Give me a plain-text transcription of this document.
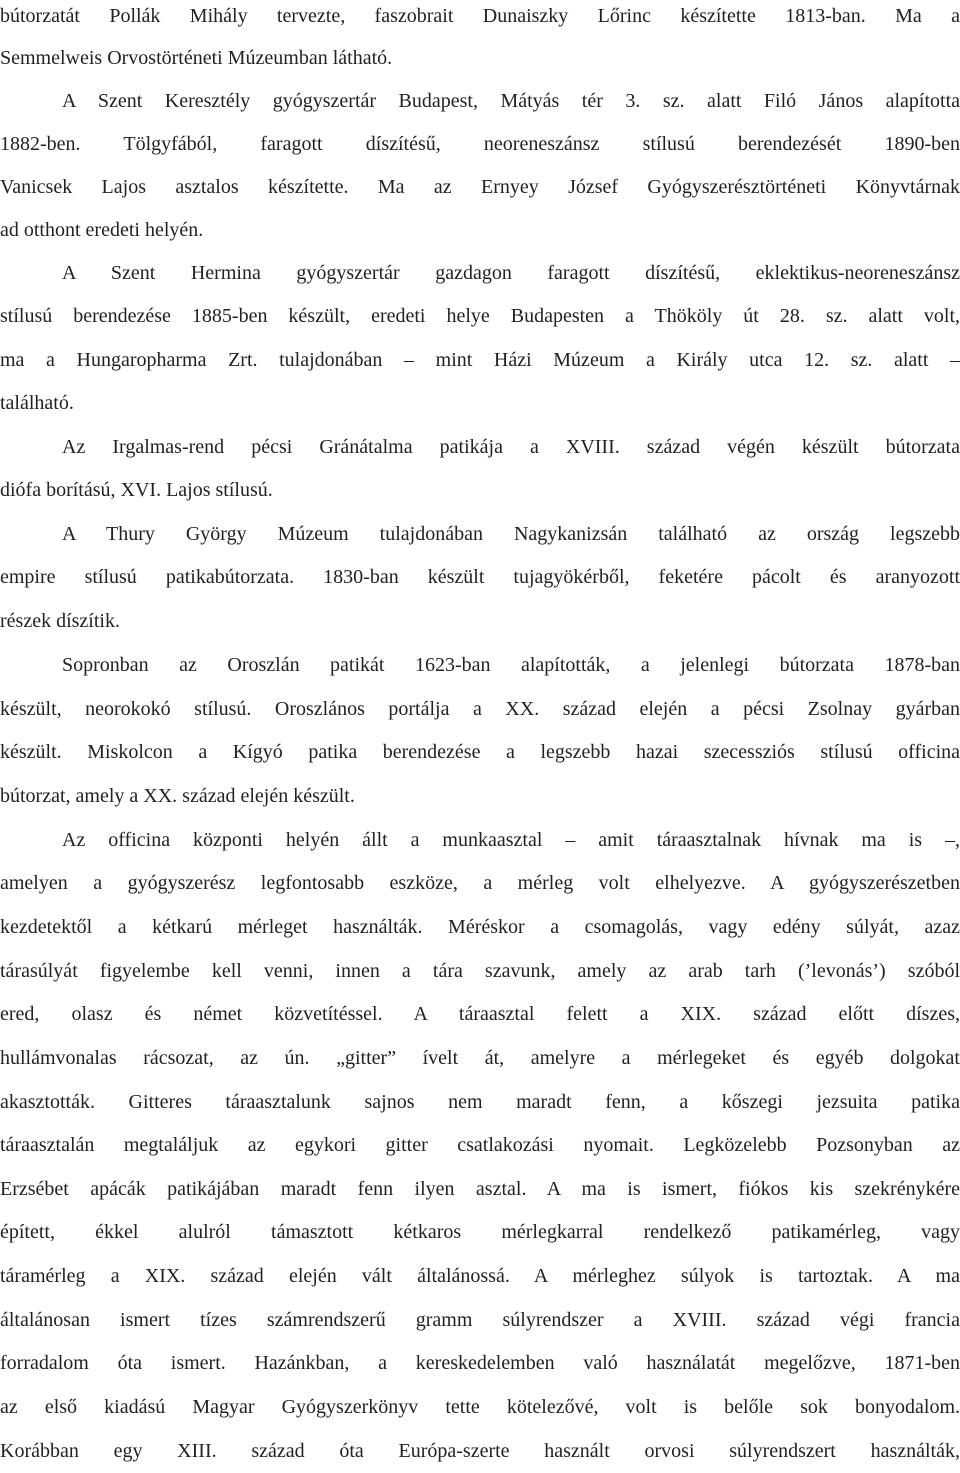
bútorzatát Pollák Mihály tervezte, faszobrait Dunaiszky Lőrinc készítette 1813-ban. Ma a
Semmelweis Orvostörténeti Múzeumban látható.
A Szent Keresztély gyógyszertár Budapest, Mátyás tér 3. sz. alatt Filó János alapította
1882-ben. Tölgyfából, faragott díszítésű, neoreneszánsz stílusú berendezését 1890-ben
Vanicsek Lajos asztalos készítette. Ma az Ernyey József Gyógyszerésztörténeti Könyvtárnak
ad otthont eredeti helyén.
A Szent Hermina gyógyszertár gazdagon faragott díszítésű, eklektikus-neoreneszánsz
stílusú berendezése 1885-ben készült, eredeti helye Budapesten a Thököly út 28. sz. alatt volt,
ma a Hungaropharma Zrt. tulajdonában – mint Házi Múzeum a Király utca 12. sz. alatt –
található.
Az Irgalmas-rend pécsi Gránátalma patikája a XVIII. század végén készült bútorzata
diófa borítású, XVI. Lajos stílusú.
A Thury György Múzeum tulajdonában Nagykanizsán található az ország legszebb
empire stílusú patikabútorzata. 1830-ban készült tujagyökérből, feketére pácolt és aranyozott
részek díszítik.
Sopronban az Oroszlán patikát 1623-ban alapították, a jelenlegi bútorzata 1878-ban
készült, neorokokó stílusú. Oroszlános portálja a XX. század elején a pécsi Zsolnay gyárban
készült. Miskolcon a Kígyó patika berendezése a legszebb hazai szecessziós stílusú officina
bútorzat, amely a XX. század elején készült.
Az officina központi helyén állt a munkaasztal – amit táraasztalnak hívnak ma is –,
amelyen a gyógyszerész legfontosabb eszköze, a mérleg volt elhelyezve. A gyógyszerészetben
kezdetektől a kétkarú mérleget használták. Méréskor a csomagolás, vagy edény súlyát, azaz
tárasúlyát figyelembe kell venni, innen a tára szavunk, amely az arab tarh (’levonás’) szóból
ered, olasz és német közvetítéssel. A táraasztal felett a XIX. század előtt díszes,
hullámvonalas rácsozat, az ún. „gitter” ívelt át, amelyre a mérlegeket és egyéb dolgokat
akasztották. Gitteres táraasztalunk sajnos nem maradt fenn, a kőszegi jezsuita patika
táraasztalán megtaláljuk az egykori gitter csatlakozási nyomait. Legközelebb Pozsonyban az
Erzsébet apácák patikájában maradt fenn ilyen asztal. A ma is ismert, fiókos kis szekrénykére
épített, ékkel alulról támasztott kétkaros mérlegkarral rendelkező patikamérleg, vagy
táramérleg a XIX. század elején vált általánossá. A mérleghez súlyok is tartoztak. A ma
általánosan ismert tízes számrendszerű gramm súlyrendszer a XVIII. század végi francia
forradalom óta ismert. Hazánkban, a kereskedelemben való használatát megelőzve, 1871-ben
az első kiadású Magyar Gyógyszerkönyv tette kötelezővé, volt is belőle sok bonyodalom.
Korábban egy XIII. század óta Európa-szerte használt orvosi súlyrendszert használták,
